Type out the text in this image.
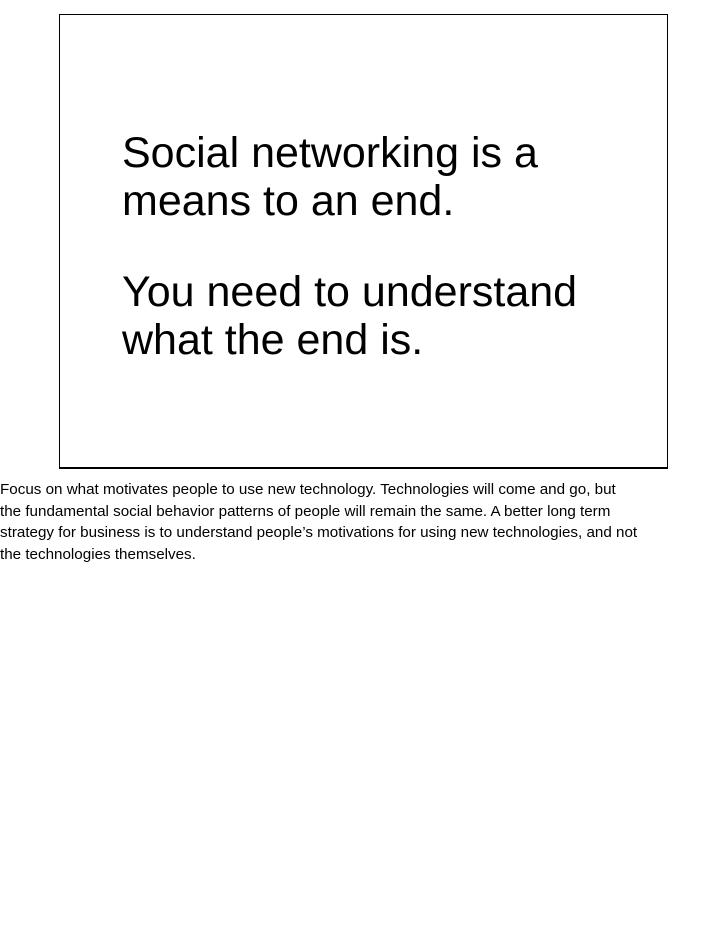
Social networking is a
means to an end.
You need to understand
what the end is.

Focus on what motivates people to use new technology. Technologies will come and go, but
the fundamental social behavior patterns of people will remain the same. A better long term
strategy for business is to understand people’s motivations for using new technologies, and not
the technologies themselves.
